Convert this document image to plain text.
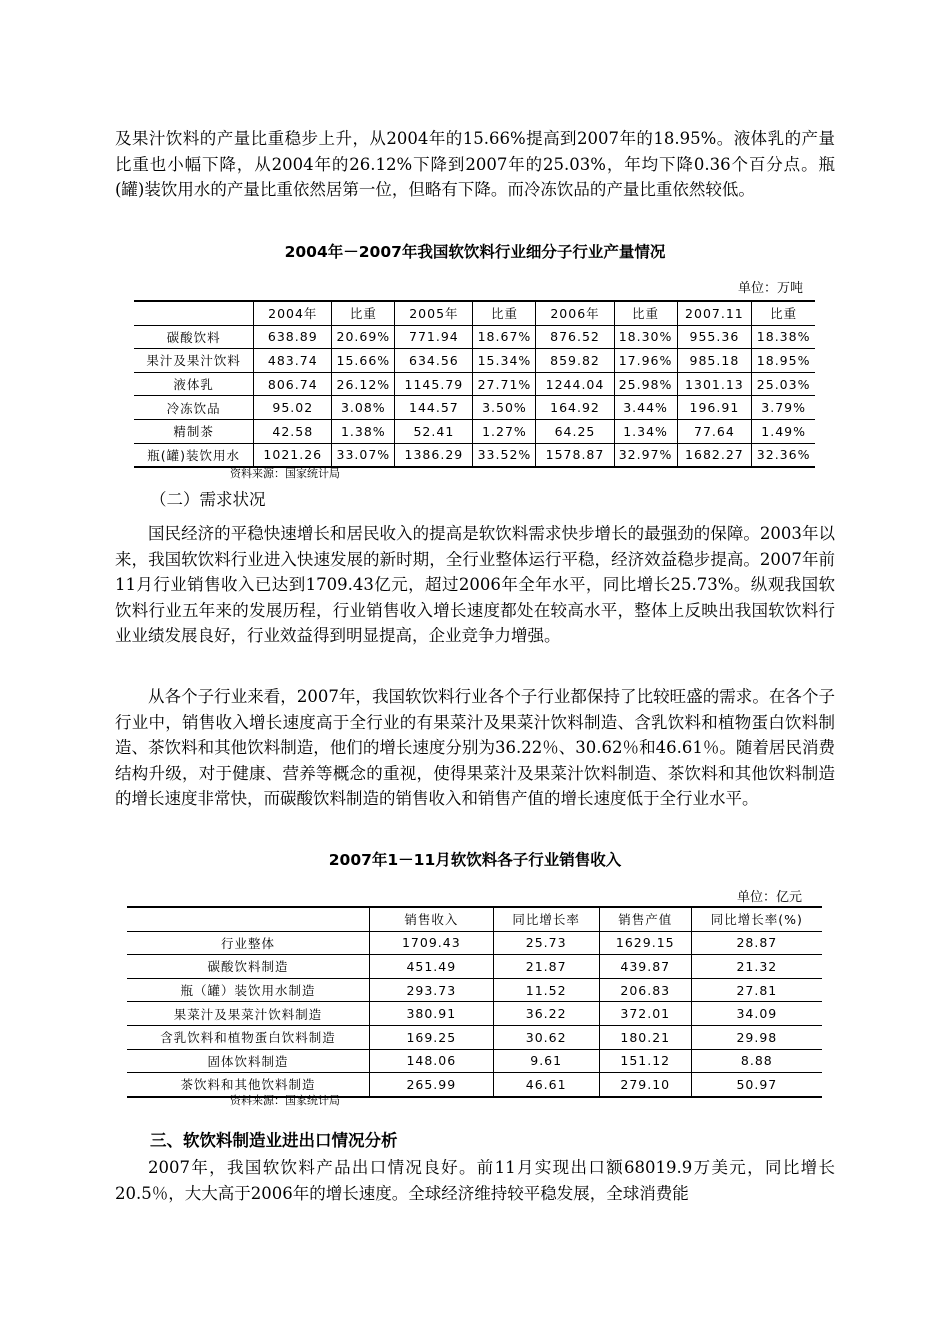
及果汁饮料的产量比重稳步上升，从2004年的15.66%提高到2007年的18.95%。液体乳的产量比重也小幅下降，从2004年的26.12%下降到2007年的25.03%，年均下降0.36个百分点。瓶(罐)装饮用水的产量比重依然居第一位，但略有下降。而冷冻饮品的产量比重依然较低。

2004年－2007年我国软饮料行业细分子行业产量情况

单位：万吨
	2004年	比重	2005年	比重	2006年	比重	2007.11	比重
碳酸饮料	638.89	20.69%	771.94	18.67%	876.52	18.30%	955.36	18.38%
果汁及果汁饮料	483.74	15.66%	634.56	15.34%	859.82	17.96%	985.18	18.95%
液体乳	806.74	26.12%	1145.79	27.71%	1244.04	25.98%	1301.13	25.03%
冷冻饮品	95.02	3.08%	144.57	3.50%	164.92	3.44%	196.91	3.79%
精制茶	42.58	1.38%	52.41	1.27%	64.25	1.34%	77.64	1.49%
瓶(罐)装饮用水	1021.26	33.07%	1386.29	33.52%	1578.87	32.97%	1682.27	32.36%
资料来源：国家统计局

（二）需求状况

国民经济的平稳快速增长和居民收入的提高是软饮料需求快步增长的最强劲的保障。2003年以来，我国软饮料行业进入快速发展的新时期，全行业整体运行平稳，经济效益稳步提高。2007年前11月行业销售收入已达到1709.43亿元，超过2006年全年水平，同比增长25.73%。纵观我国软饮料行业五年来的发展历程，行业销售收入增长速度都处在较高水平，整体上反映出我国软饮料行业业绩发展良好，行业效益得到明显提高，企业竞争力增强。

从各个子行业来看，2007年，我国软饮料行业各个子行业都保持了比较旺盛的需求。在各个子行业中，销售收入增长速度高于全行业的有果菜汁及果菜汁饮料制造、含乳饮料和植物蛋白饮料制造、茶饮料和其他饮料制造，他们的增长速度分别为36.22％、30.62％和46.61％。随着居民消费结构升级，对于健康、营养等概念的重视，使得果菜汁及果菜汁饮料制造、茶饮料和其他饮料制造的增长速度非常快，而碳酸饮料制造的销售收入和销售产值的增长速度低于全行业水平。

2007年1－11月软饮料各子行业销售收入

单位：亿元
	销售收入	同比增长率	销售产值	同比增长率(%)
行业整体	1709.43	25.73	1629.15	28.87
碳酸饮料制造	451.49	21.87	439.87	21.32
瓶（罐）装饮用水制造	293.73	11.52	206.83	27.81
果菜汁及果菜汁饮料制造	380.91	36.22	372.01	34.09
含乳饮料和植物蛋白饮料制造	169.25	30.62	180.21	29.98
固体饮料制造	148.06	9.61	151.12	8.88
茶饮料和其他饮料制造	265.99	46.61	279.10	50.97
资料来源：国家统计局

三、软饮料制造业进出口情况分析

2007年，我国软饮料产品出口情况良好。前11月实现出口额68019.9万美元，同比增长20.5％，大大高于2006年的增长速度。全球经济维持较平稳发展，全球消费能
